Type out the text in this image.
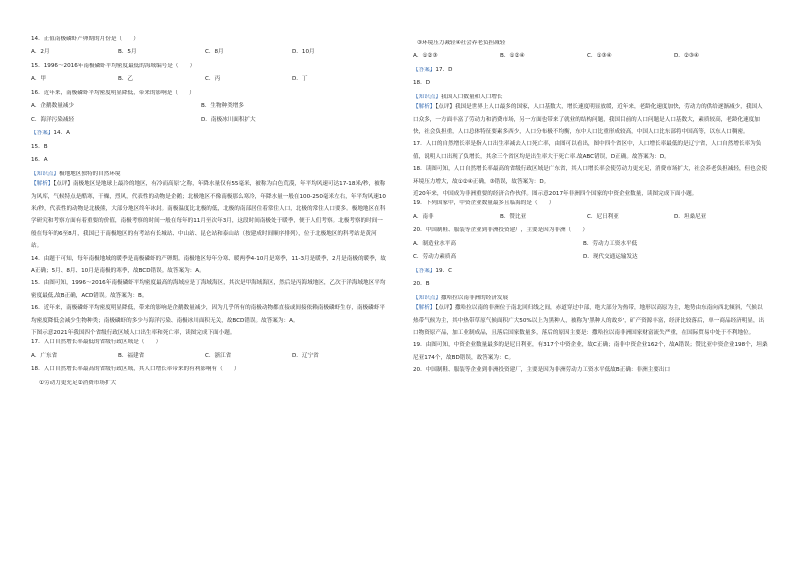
14．正值南极磷虾产卵期的月份是（　　）
A．2月	B．5月	C．8月	D．10月
15．1996～2016年南极磷虾平均密度最低的海域编号是（　　）
A．甲	B．乙	C．丙	D．丁
16．近年来，南极磷虾平均密度明显降低，带来的影响是（　　）
A．企鹅数量减少	B．生物种类增多
C．海洋污染减轻	D．南极冰川面积扩大
【答案】14．A
15．B
16．A
【知识点】极地地区独特的自然环境
【解析】【点评】南极地区是地球上最冷的地区，有冷而高原’之称，年降水量仅有55毫米，被称为白色荒漠，年平均风速可达17-18米/秒，被称为风库，气候特点是酷寒，干燥，烈风，代表性的动物是企鹅；北极地区不像南极那么寒冷，年降水量一般在100-250毫米左右，年平均风速10米/秒，代表性的动物是北极熊，大部分地区终年冰封。南极温度比北极的低，北极的南部居住着常住人口，北极的常住人口要多。极地地区在科学研究和考察方面有着重要的价值，南极考察的时间一般在每年的11月至次年3月，这段时间南极处于暖季，便于人们考察。北极考察的时间一般在每年的6至8月，我国已于南极地区的有考站有长城站、中山站、昆仑站和泰山站（按建成时间顺序排列），位于北极地区的科考站是黄河站。
14．由题干可知，每年南极地域的暖季是南极磷虾的产卵期。南极地区每年分寒、暖两季4-10月是寒季，11-3月是暖季，2月是南极的暖季，故A正确；5月、8月、10月是南极的寒季，故BCD错误。故答案为：A。
15．由图可知，1996～2016年南极磷虾平均密度最高的海域应是丁海域海区，其次是甲海域海区，然后是丙海域地区，乙次于洋海域地区平均密度最低,故B正确，ACD错误。故答案为：B。
16．近年来，南极磷虾平均密度明显降低，带来的影响是企鹅数量减少，因为几乎所有的南极动物都直接或间接依赖南极磷虾生存，南极磷虾平均密度降低会减少生物种类；南极磷虾的多少与海洋污染、南极冰川面积无关，故BCD错误。故答案为：A。
下图示意2021年我国四个省级行政区域人口出生率和死亡率，读图完成下面小题。
17．人口自然增长率最低的省级行政区域是（　　）
A．广东省	B．福建省	C．浙江省	D．辽宁省
18．人口自然增长率最高的省级行政区域，其人口增长率带来的有利影响有（　　）
①劳动力更充足②消费市场扩大
③环境压力减轻④社会养老负担减轻
A．①②③	B．①②④	C．①③④	D．②③④
【答案】17．D
18．D
【知识点】我国人口数量和人口增长
【解析】【点评】我国是世界上人口最多的国家，人口基数大，增长速度明显放缓，近年来，老龄化速度加快，劳动力的供给逐渐减少，我国人口众多，一方面丰富了劳动力和消费市场，另一方面也带来了就业的结构问题，我国目前的人口问题是人口基数大，素质较高，老龄化速度加快，社会负担重，人口总体特征要素多西少，人口分布极不均衡，东中人口比重形成较高，中国人口比东部将中国高等，以东人口稠密。
17．人口的自然增长率是指人口出生率减去人口死亡率，由图可以看出，图中四个省区中，人口增长率最低的是辽宁省，人口自然增长率为负值，说明人口出现了负增长，其余三个省区均是出生率大于死亡率.故ABC错误，D正确。故答案为：D。
18．读图可知，人口自然增长率最高的省级行政区域是广东省，其人口增长率会使劳动力更充足，消费市场扩大，社会养老负担减轻，但也会使环境压力增大，故①②④正确，③错误，故答案为：D。
近20年来，中国成为非洲重要的经济合作伙伴。图示意2017年非洲四个国家的中资企业数量，读图完成下面小题。
19．下列国家中，中资企业数量最多且临海的是（　　）
A．南非	B．赞比亚	C．尼日利亚	D．坦桑尼亚
20．中国制鞋、服装等企业到非洲投资建厂，主要是因为非洲（　　）
A．制造业水平高	B．劳动力工资水平低
C．劳动力素质高	D．现代交通运输发达
【答案】19．C
20．B
【知识点】撒哈拉以南非洲的经济发展
【解析】【点评】撒哈拉以南的非洲位于南北回归线之间，赤道穿过中部，绝大部分为热带，地形以高原为主，地势由东南向西北倾斜，气候以热带气候为主，其中热带草原气候面积广大50%以上为黑种人，被称为'黑种人的故乡'，矿产资源丰富，经济比较落后，单一商品经济明显，出口物资原产品，加工业制成品，且落后国家数量多，落后的原因主要是：撒哈拉以南非洲国家财富流失严重，在国际贸易中处于不利地位。
19．由图可知，中资企业数量最多的是尼日利亚，有317个中资企业，故C正确；南非中资企业162个，故A错误；赞比亚中资企业198个，坦桑尼亚174个，故BD错误，故答案为：C。
20．中国制鞋、服装等企业到非洲投资建厂，主要是因为非洲劳动力工资水平低故B正确：非洲主要出口
